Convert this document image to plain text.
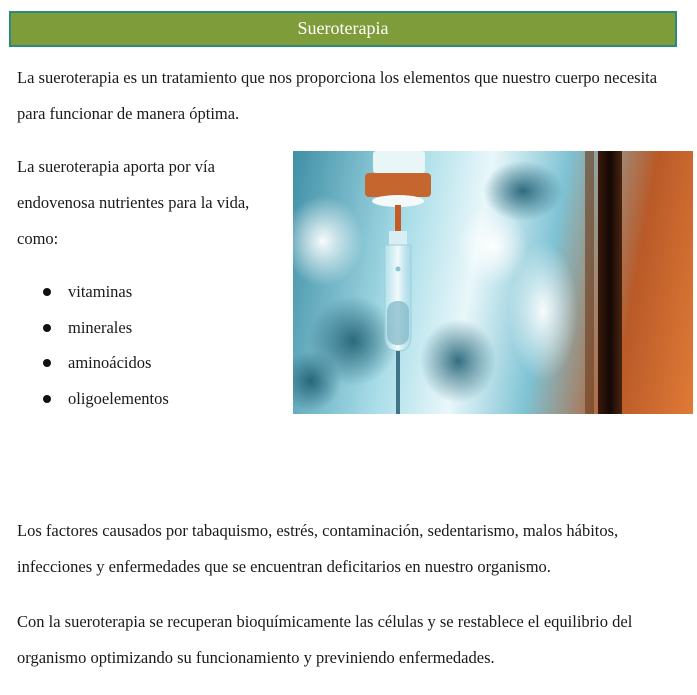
Sueroterapia

La sueroterapia es un tratamiento que nos proporciona los elementos que nuestro cuerpo necesita para funcionar de manera óptima.

La sueroterapia aporta por vía endovenosa nutrientes para la vida, como:

vitaminas
minerales
aminoácidos
oligoelementos

Los factores causados por tabaquismo, estrés, contaminación, sedentarismo, malos hábitos, infecciones y enfermedades que se encuentran deficitarios en nuestro organismo.

Con la sueroterapia se recuperan bioquímicamente las células y se restablece el equilibrio del organismo optimizando su funcionamiento y previniendo enfermedades.
